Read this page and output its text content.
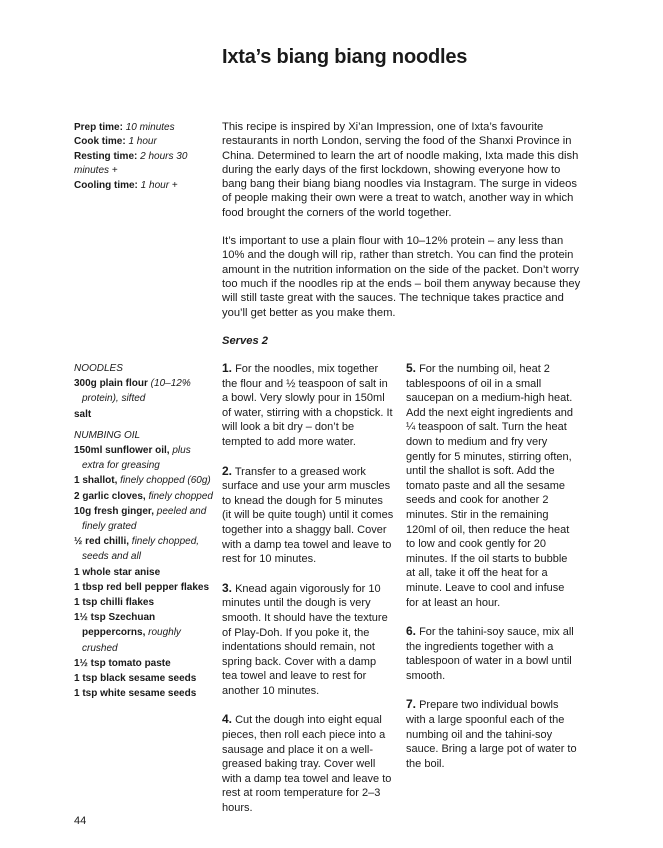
Ixta’s biang biang noodles
Prep time: 10 minutes
Cook time: 1 hour
Resting time: 2 hours 30 minutes +
Cooling time: 1 hour +

This recipe is inspired by Xi’an Impression, one of Ixta’s favourite restaurants in north London, serving the food of the Shanxi Province in China. Determined to learn the art of noodle making, Ixta made this dish during the early days of the first lockdown, showing everyone how to bang bang their biang biang noodles via Instagram. The surge in videos of people making their own were a treat to watch, another way in which food brought the corners of the world together.

It’s important to use a plain flour with 10–12% protein – any less than 10% and the dough will rip, rather than stretch. You can find the protein amount in the nutrition information on the side of the packet. Don’t worry too much if the noodles rip at the ends – boil them anyway because they will still taste great with the sauces. The technique takes practice and you’ll get better as you make them.

Serves 2

NOODLES

300g plain flour (10–12% protein), sifted
salt

NUMBING OIL

150ml sunflower oil, plus extra for greasing
1 shallot, finely chopped (60g)
2 garlic cloves, finely chopped
10g fresh ginger, peeled and finely grated
½ red chilli, finely chopped, seeds and all
1 whole star anise
1 tbsp red bell pepper flakes
1 tsp chilli flakes
1½ tsp Szechuan peppercorns, roughly crushed
1½ tsp tomato paste
1 tsp black sesame seeds
1 tsp white sesame seeds

1. For the noodles, mix together the flour and ½ teaspoon of salt in a bowl. Very slowly pour in 150ml of water, stirring with a chopstick. It will look a bit dry – don’t be tempted to add more water.

2. Transfer to a greased work surface and use your arm muscles to knead the dough for 5 minutes (it will be quite tough) until it comes together into a shaggy ball. Cover with a damp tea towel and leave to rest for 10 minutes.

3. Knead again vigorously for 10 minutes until the dough is very smooth. It should have the texture of Play-Doh. If you poke it, the indentations should remain, not spring back. Cover with a damp tea towel and leave to rest for another 10 minutes.

4. Cut the dough into eight equal pieces, then roll each piece into a sausage and place it on a well-greased baking tray. Cover well with a damp tea towel and leave to rest at room temperature for 2–3 hours.

5. For the numbing oil, heat 2 tablespoons of oil in a small saucepan on a medium-high heat. Add the next eight ingredients and ¼ teaspoon of salt. Turn the heat down to medium and fry very gently for 5 minutes, stirring often, until the shallot is soft. Add the tomato paste and all the sesame seeds and cook for another 2 minutes. Stir in the remaining 120ml of oil, then reduce the heat to low and cook gently for 20 minutes. If the oil starts to bubble at all, take it off the heat for a minute. Leave to cool and infuse for at least an hour.

6. For the tahini-soy sauce, mix all the ingredients together with a tablespoon of water in a bowl until smooth.

7. Prepare two individual bowls with a large spoonful each of the numbing oil and the tahini-soy sauce. Bring a large pot of water to the boil.

44
